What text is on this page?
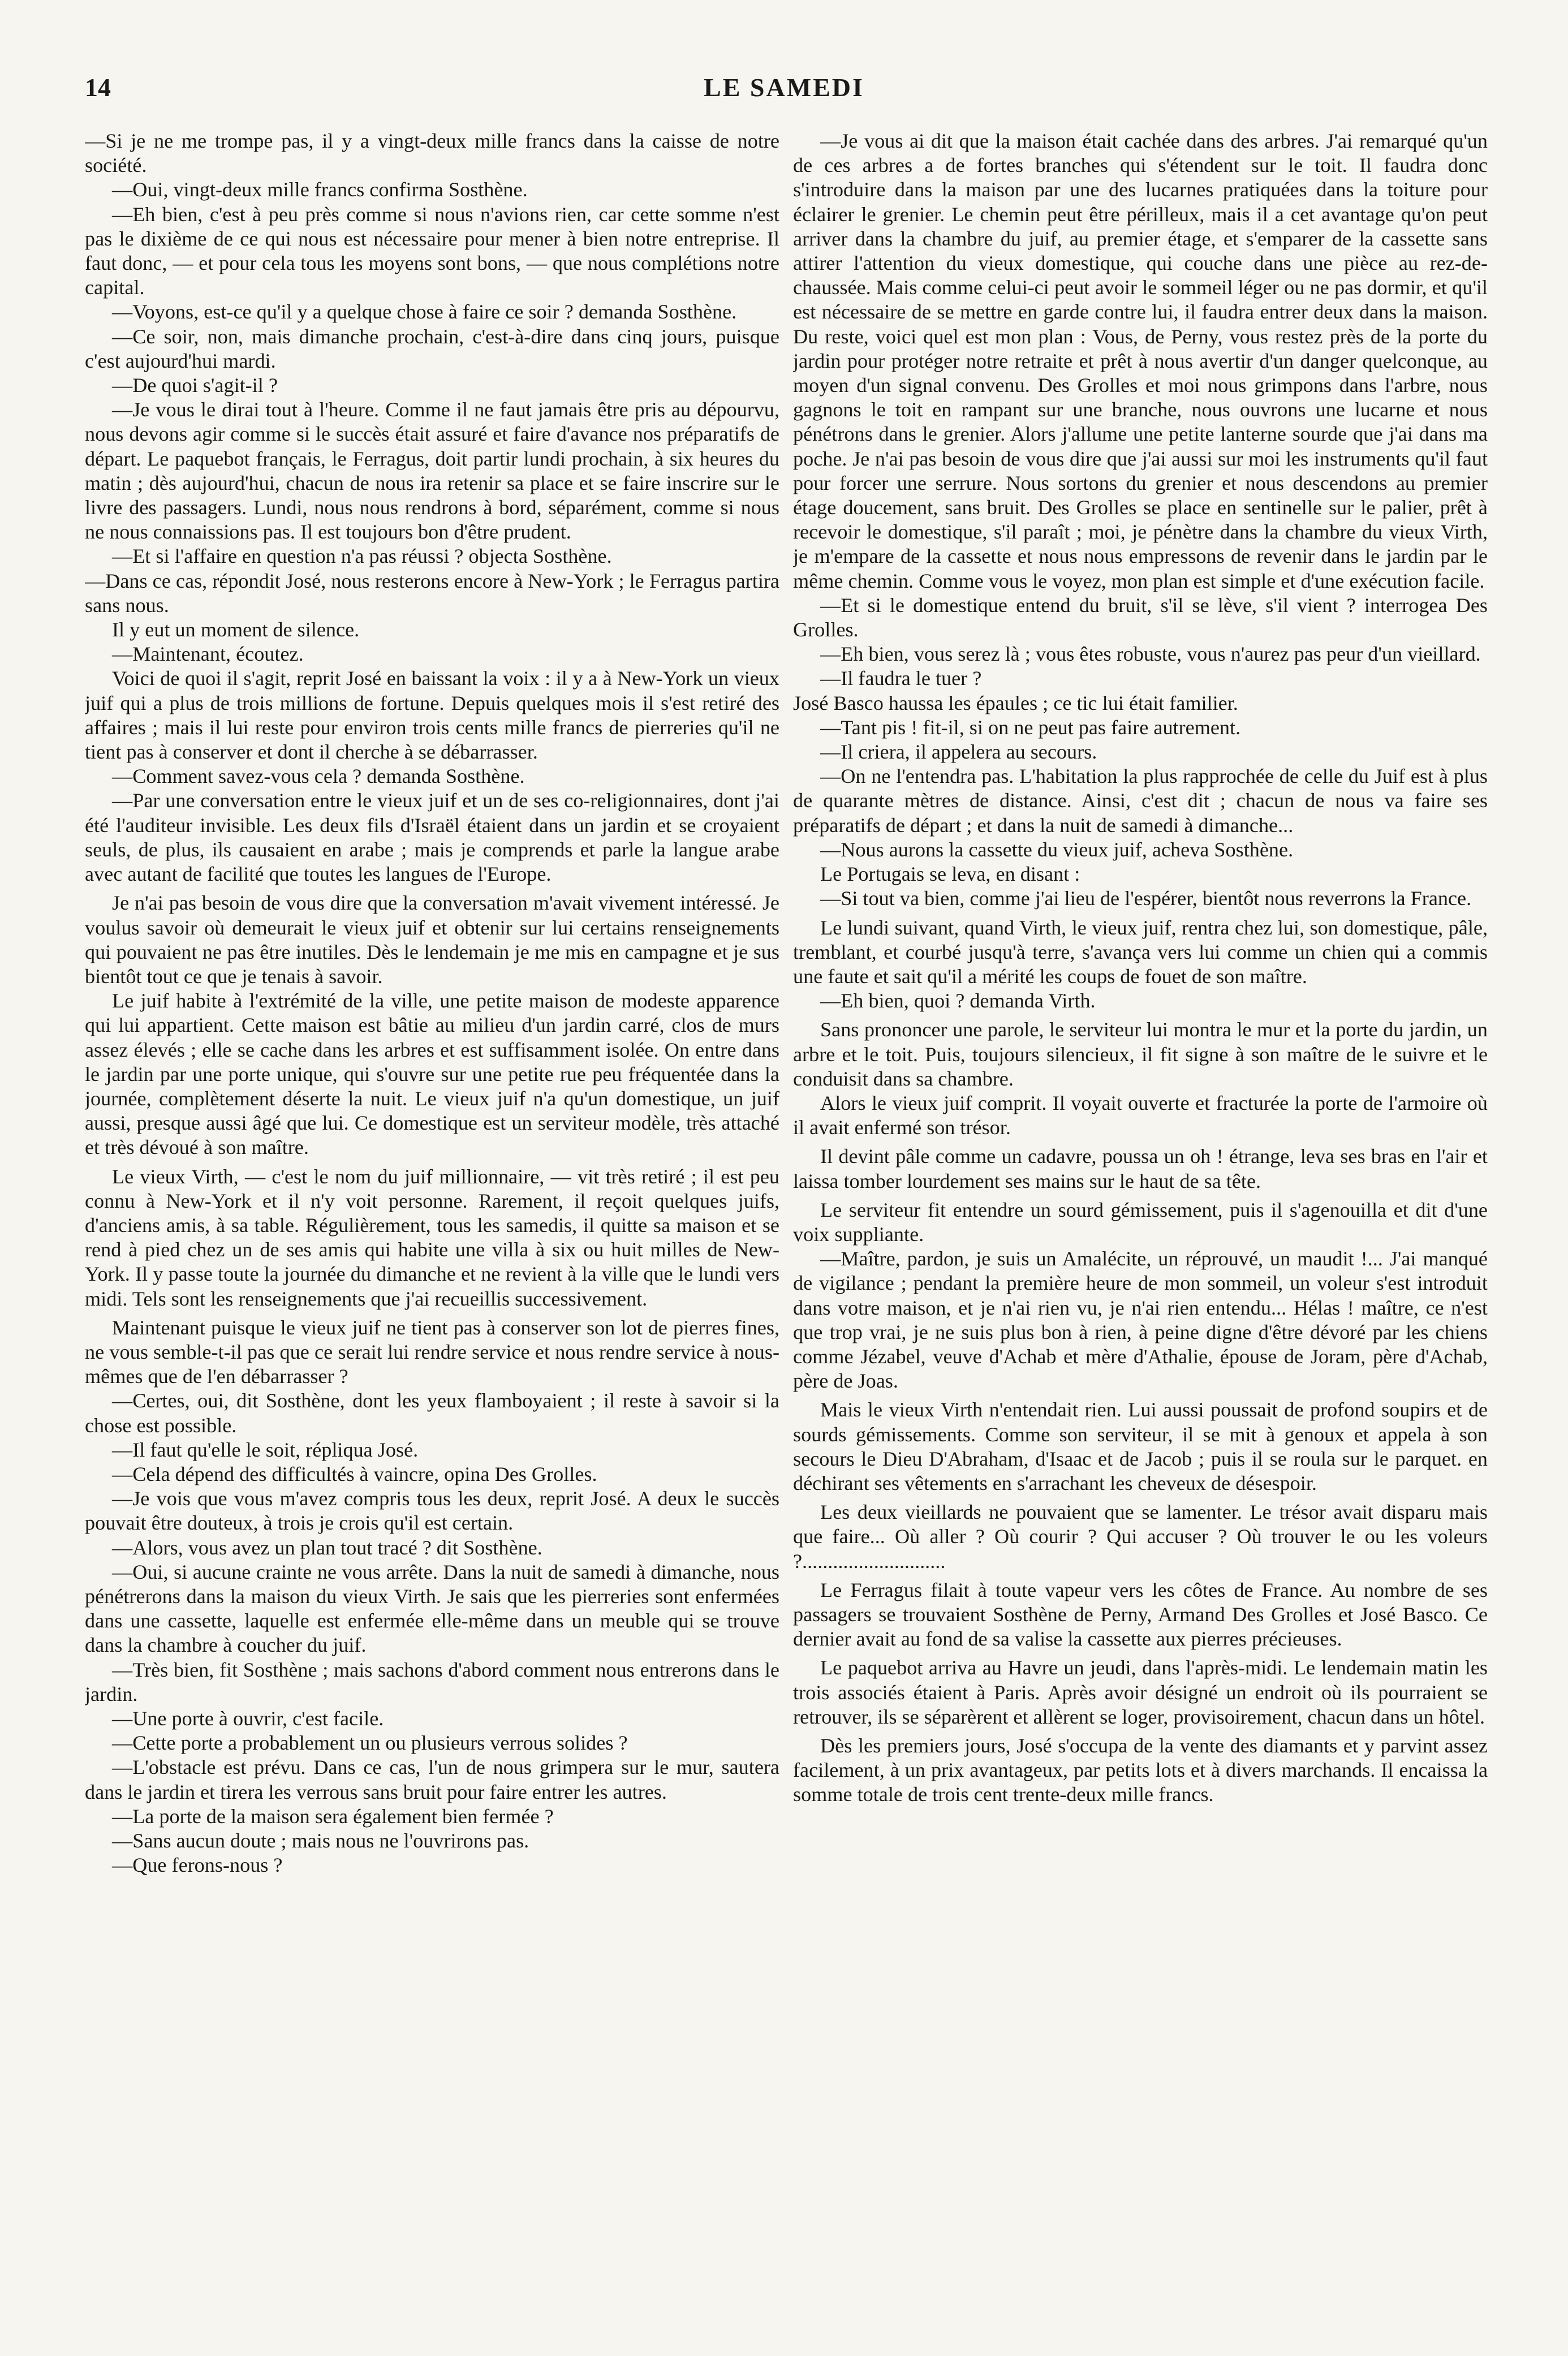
14	LE SAMEDI

—Si je ne me trompe pas, il y a vingt-deux mille francs dans la caisse de notre société.

—Oui, vingt-deux mille francs confirma Sosthène.

—Eh bien, c'est à peu près comme si nous n'avions rien, car cette somme n'est pas le dixième de ce qui nous est nécessaire pour mener à bien notre entreprise. Il faut donc, — et pour cela tous les moyens sont bons, — que nous complétions notre capital.

—Voyons, est-ce qu'il y a quelque chose à faire ce soir ? demanda Sosthène.

—Ce soir, non, mais dimanche prochain, c'est-à-dire dans cinq jours, puisque c'est aujourd'hui mardi.

—De quoi s'agit-il ?

—Je vous le dirai tout à l'heure. Comme il ne faut jamais être pris au dépourvu, nous devons agir comme si le succès était assuré et faire d'avance nos préparatifs de départ. Le paquebot français, le Ferragus, doit partir lundi prochain, à six heures du matin ; dès aujourd'hui, chacun de nous ira retenir sa place et se faire inscrire sur le livre des passagers. Lundi, nous nous rendrons à bord, séparément, comme si nous ne nous connaissions pas. Il est toujours bon d'être prudent.

—Et si l'affaire en question n'a pas réussi ? objecta Sosthène.

—Dans ce cas, répondit José, nous resterons encore à New-York ; le Ferragus partira sans nous.

Il y eut un moment de silence.

—Maintenant, écoutez.

Voici de quoi il s'agit, reprit José en baissant la voix : il y a à New-York un vieux juif qui a plus de trois millions de fortune. Depuis quelques mois il s'est retiré des affaires ; mais il lui reste pour environ trois cents mille francs de pierreries qu'il ne tient pas à conserver et dont il cherche à se débarrasser.

—Comment savez-vous cela ? demanda Sosthène.

—Par une conversation entre le vieux juif et un de ses co-religionnaires, dont j'ai été l'auditeur invisible. Les deux fils d'Israël étaient dans un jardin et se croyaient seuls, de plus, ils causaient en arabe ; mais je comprends et parle la langue arabe avec autant de facilité que toutes les langues de l'Europe.

Je n'ai pas besoin de vous dire que la conversation m'avait vivement intéressé. Je voulus savoir où demeurait le vieux juif et obtenir sur lui certains renseignements qui pouvaient ne pas être inutiles. Dès le lendemain je me mis en campagne et je sus bientôt tout ce que je tenais à savoir.

Le juif habite à l'extrémité de la ville, une petite maison de modeste apparence qui lui appartient. Cette maison est bâtie au milieu d'un jardin carré, clos de murs assez élevés ; elle se cache dans les arbres et est suffisamment isolée. On entre dans le jardin par une porte unique, qui s'ouvre sur une petite rue peu fréquentée dans la journée, complètement déserte la nuit. Le vieux juif n'a qu'un domestique, un juif aussi, presque aussi âgé que lui. Ce domestique est un serviteur modèle, très attaché et très dévoué à son maître.

Le vieux Virth, — c'est le nom du juif millionnaire, — vit très retiré ; il est peu connu à New-York et il n'y voit personne. Rarement, il reçoit quelques juifs, d'anciens amis, à sa table. Régulièrement, tous les samedis, il quitte sa maison et se rend à pied chez un de ses amis qui habite une villa à six ou huit milles de New-York. Il y passe toute la journée du dimanche et ne revient à la ville que le lundi vers midi. Tels sont les renseignements que j'ai recueillis successivement.

Maintenant puisque le vieux juif ne tient pas à conserver son lot de pierres fines, ne vous semble-t-il pas que ce serait lui rendre service et nous rendre service à nous-mêmes que de l'en débarrasser ?

—Certes, oui, dit Sosthène, dont les yeux flamboyaient ; il reste à savoir si la chose est possible.

—Il faut qu'elle le soit, répliqua José.

—Cela dépend des difficultés à vaincre, opina Des Grolles.

—Je vois que vous m'avez compris tous les deux, reprit José. A deux le succès pouvait être douteux, à trois je crois qu'il est certain.

—Alors, vous avez un plan tout tracé ? dit Sosthène.

—Oui, si aucune crainte ne vous arrête. Dans la nuit de samedi à dimanche, nous pénétrerons dans la maison du vieux Virth. Je sais que les pierreries sont enfermées dans une cassette, laquelle est enfermée elle-même dans un meuble qui se trouve dans la chambre à coucher du juif.

—Très bien, fit Sosthène ; mais sachons d'abord comment nous entrerons dans le jardin.

—Une porte à ouvrir, c'est facile.

—Cette porte a probablement un ou plusieurs verrous solides ?

—L'obstacle est prévu. Dans ce cas, l'un de nous grimpera sur le mur, sautera dans le jardin et tirera les verrous sans bruit pour faire entrer les autres.

—La porte de la maison sera également bien fermée ?

—Sans aucun doute ; mais nous ne l'ouvrirons pas.

—Que ferons-nous ?

—Je vous ai dit que la maison était cachée dans des arbres. J'ai remarqué qu'un de ces arbres a de fortes branches qui s'étendent sur le toit. Il faudra donc s'introduire dans la maison par une des lucarnes pratiquées dans la toiture pour éclairer le grenier. Le chemin peut être périlleux, mais il a cet avantage qu'on peut arriver dans la chambre du juif, au premier étage, et s'emparer de la cassette sans attirer l'attention du vieux domestique, qui couche dans une pièce au rez-de-chaussée. Mais comme celui-ci peut avoir le sommeil léger ou ne pas dormir, et qu'il est nécessaire de se mettre en garde contre lui, il faudra entrer deux dans la maison. Du reste, voici quel est mon plan : Vous, de Perny, vous restez près de la porte du jardin pour protéger notre retraite et prêt à nous avertir d'un danger quelconque, au moyen d'un signal convenu. Des Grolles et moi nous grimpons dans l'arbre, nous gagnons le toit en rampant sur une branche, nous ouvrons une lucarne et nous pénétrons dans le grenier. Alors j'allume une petite lanterne sourde que j'ai dans ma poche. Je n'ai pas besoin de vous dire que j'ai aussi sur moi les instruments qu'il faut pour forcer une serrure. Nous sortons du grenier et nous descendons au premier étage doucement, sans bruit. Des Grolles se place en sentinelle sur le palier, prêt à recevoir le domestique, s'il paraît ; moi, je pénètre dans la chambre du vieux Virth, je m'empare de la cassette et nous nous empressons de revenir dans le jardin par le même chemin. Comme vous le voyez, mon plan est simple et d'une exécution facile.

—Et si le domestique entend du bruit, s'il se lève, s'il vient ? interrogea Des Grolles.

—Eh bien, vous serez là ; vous êtes robuste, vous n'aurez pas peur d'un vieillard.

—Il faudra le tuer ?

José Basco haussa les épaules ; ce tic lui était familier.

—Tant pis ! fit-il, si on ne peut pas faire autrement.

—Il criera, il appelera au secours.

—On ne l'entendra pas. L'habitation la plus rapprochée de celle du Juif est à plus de quarante mètres de distance. Ainsi, c'est dit ; chacun de nous va faire ses préparatifs de départ ; et dans la nuit de samedi à dimanche...

—Nous aurons la cassette du vieux juif, acheva Sosthène.

Le Portugais se leva, en disant :

—Si tout va bien, comme j'ai lieu de l'espérer, bientôt nous reverrons la France.

Le lundi suivant, quand Virth, le vieux juif, rentra chez lui, son domestique, pâle, tremblant, et courbé jusqu'à terre, s'avança vers lui comme un chien qui a commis une faute et sait qu'il a mérité les coups de fouet de son maître.

—Eh bien, quoi ? demanda Virth.

Sans prononcer une parole, le serviteur lui montra le mur et la porte du jardin, un arbre et le toit. Puis, toujours silencieux, il fit signe à son maître de le suivre et le conduisit dans sa chambre.

Alors le vieux juif comprit. Il voyait ouverte et fracturée la porte de l'armoire où il avait enfermé son trésor.

Il devint pâle comme un cadavre, poussa un oh ! étrange, leva ses bras en l'air et laissa tomber lourdement ses mains sur le haut de sa tête.

Le serviteur fit entendre un sourd gémissement, puis il s'agenouilla et dit d'une voix suppliante.

—Maître, pardon, je suis un Amalécite, un réprouvé, un maudit !... J'ai manqué de vigilance ; pendant la première heure de mon sommeil, un voleur s'est introduit dans votre maison, et je n'ai rien vu, je n'ai rien entendu... Hélas ! maître, ce n'est que trop vrai, je ne suis plus bon à rien, à peine digne d'être dévoré par les chiens comme Jézabel, veuve d'Achab et mère d'Athalie, épouse de Joram, père d'Achab, père de Joas.

Mais le vieux Virth n'entendait rien. Lui aussi poussait de profond soupirs et de sourds gémissements. Comme son serviteur, il se mit à genoux et appela à son secours le Dieu D'Abraham, d'Isaac et de Jacob ; puis il se roula sur le parquet. en déchirant ses vêtements en s'arrachant les cheveux de désespoir.

Les deux vieillards ne pouvaient que se lamenter. Le trésor avait disparu mais que faire... Où aller ? Où courir ? Qui accuser ? Où trouver le ou les voleurs ?............................

Le Ferragus filait à toute vapeur vers les côtes de France. Au nombre de ses passagers se trouvaient Sosthène de Perny, Armand Des Grolles et José Basco. Ce dernier avait au fond de sa valise la cassette aux pierres précieuses.

Le paquebot arriva au Havre un jeudi, dans l'après-midi. Le lendemain matin les trois associés étaient à Paris. Après avoir désigné un endroit où ils pourraient se retrouver, ils se séparèrent et allèrent se loger, provisoirement, chacun dans un hôtel.

Dès les premiers jours, José s'occupa de la vente des diamants et y parvint assez facilement, à un prix avantageux, par petits lots et à divers marchands. Il encaissa la somme totale de trois cent trente-deux mille francs.
